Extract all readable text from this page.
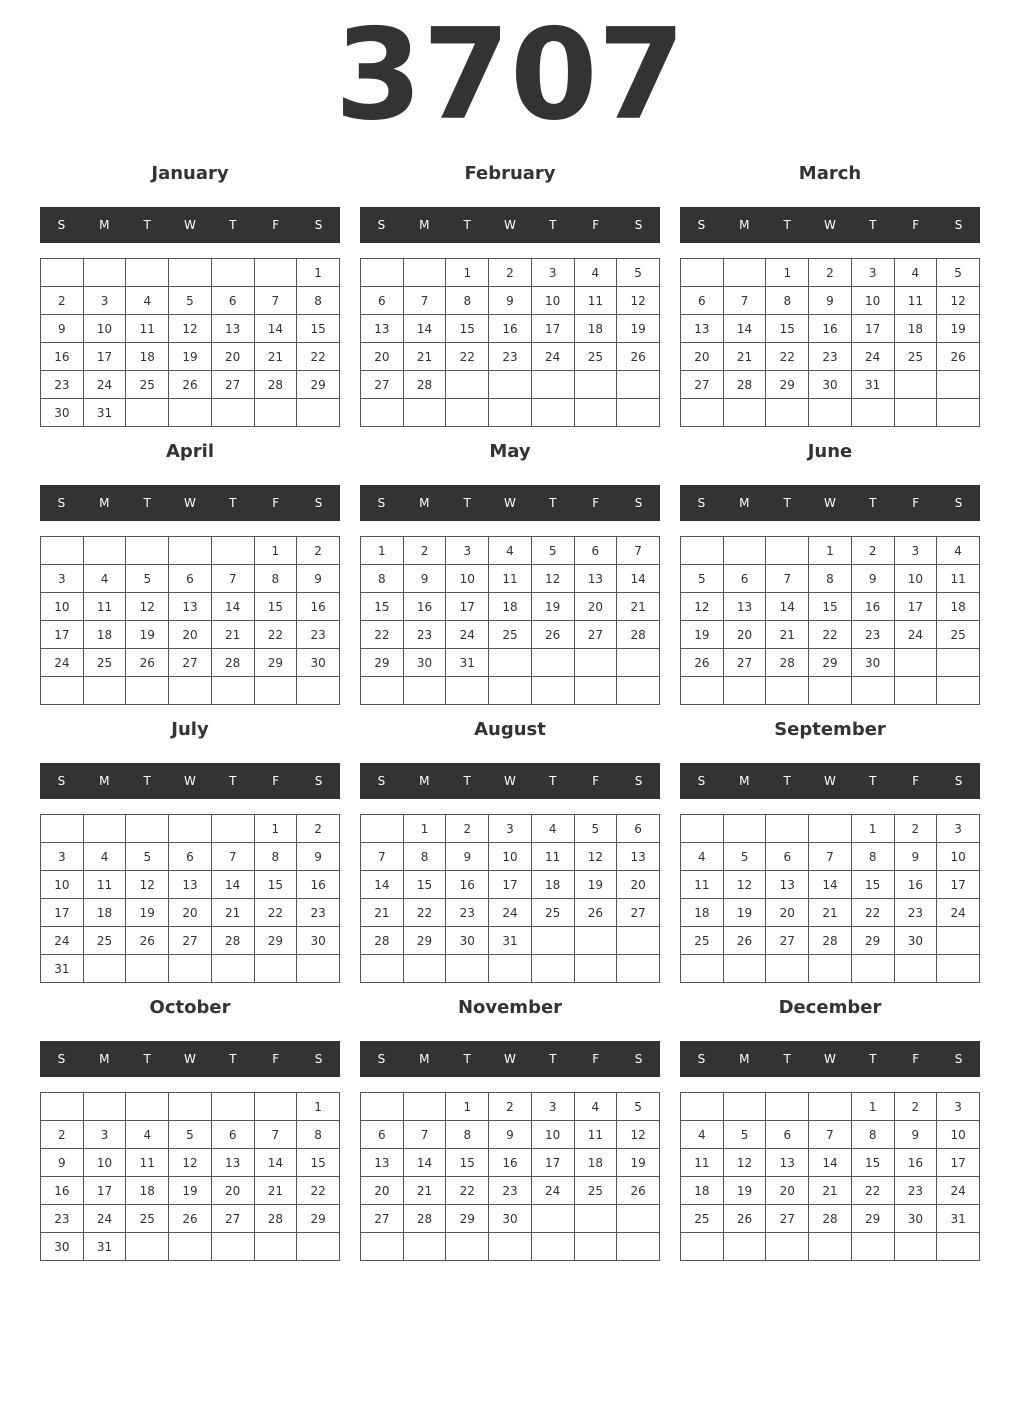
3707
January
S	M	T	W	T	F	S
						1
2	3	4	5	6	7	8
9	10	11	12	13	14	15
16	17	18	19	20	21	22
23	24	25	26	27	28	29
30	31					
February
S	M	T	W	T	F	S
		1	2	3	4	5
6	7	8	9	10	11	12
13	14	15	16	17	18	19
20	21	22	23	24	25	26
27	28					

March
S	M	T	W	T	F	S
		1	2	3	4	5
6	7	8	9	10	11	12
13	14	15	16	17	18	19
20	21	22	23	24	25	26
27	28	29	30	31		

April
S	M	T	W	T	F	S
					1	2
3	4	5	6	7	8	9
10	11	12	13	14	15	16
17	18	19	20	21	22	23
24	25	26	27	28	29	30

May
S	M	T	W	T	F	S
1	2	3	4	5	6	7
8	9	10	11	12	13	14
15	16	17	18	19	20	21
22	23	24	25	26	27	28
29	30	31				

June
S	M	T	W	T	F	S
			1	2	3	4
5	6	7	8	9	10	11
12	13	14	15	16	17	18
19	20	21	22	23	24	25
26	27	28	29	30		

July
S	M	T	W	T	F	S
					1	2
3	4	5	6	7	8	9
10	11	12	13	14	15	16
17	18	19	20	21	22	23
24	25	26	27	28	29	30
31						
August
S	M	T	W	T	F	S
	1	2	3	4	5	6
7	8	9	10	11	12	13
14	15	16	17	18	19	20
21	22	23	24	25	26	27
28	29	30	31			

September
S	M	T	W	T	F	S
				1	2	3
4	5	6	7	8	9	10
11	12	13	14	15	16	17
18	19	20	21	22	23	24
25	26	27	28	29	30	

October
S	M	T	W	T	F	S
						1
2	3	4	5	6	7	8
9	10	11	12	13	14	15
16	17	18	19	20	21	22
23	24	25	26	27	28	29
30	31					
November
S	M	T	W	T	F	S
		1	2	3	4	5
6	7	8	9	10	11	12
13	14	15	16	17	18	19
20	21	22	23	24	25	26
27	28	29	30			

December
S	M	T	W	T	F	S
				1	2	3
4	5	6	7	8	9	10
11	12	13	14	15	16	17
18	19	20	21	22	23	24
25	26	27	28	29	30	31
